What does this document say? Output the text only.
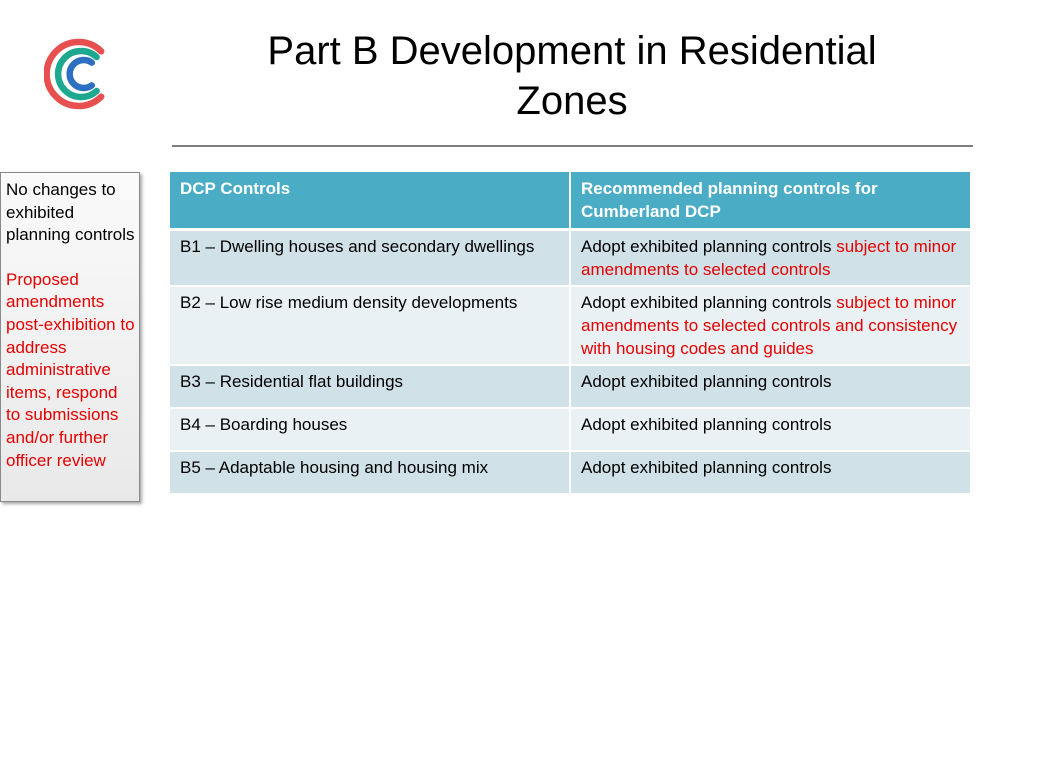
Part B Development in Residential
Zones
No changes to exhibited planning controls
Proposed amendments post-exhibition to address administrative items, respond to submissions and/or further officer review
DCP Controls	Recommended planning controls for Cumberland DCP
B1 – Dwelling houses and secondary dwellings	Adopt exhibited planning controls subject to minor amendments to selected controls
B2 – Low rise medium density developments	Adopt exhibited planning controls subject to minor amendments to selected controls and consistency with housing codes and guides
B3 – Residential flat buildings	Adopt exhibited planning controls
B4 – Boarding houses	Adopt exhibited planning controls
B5 – Adaptable housing and housing mix	Adopt exhibited planning controls
